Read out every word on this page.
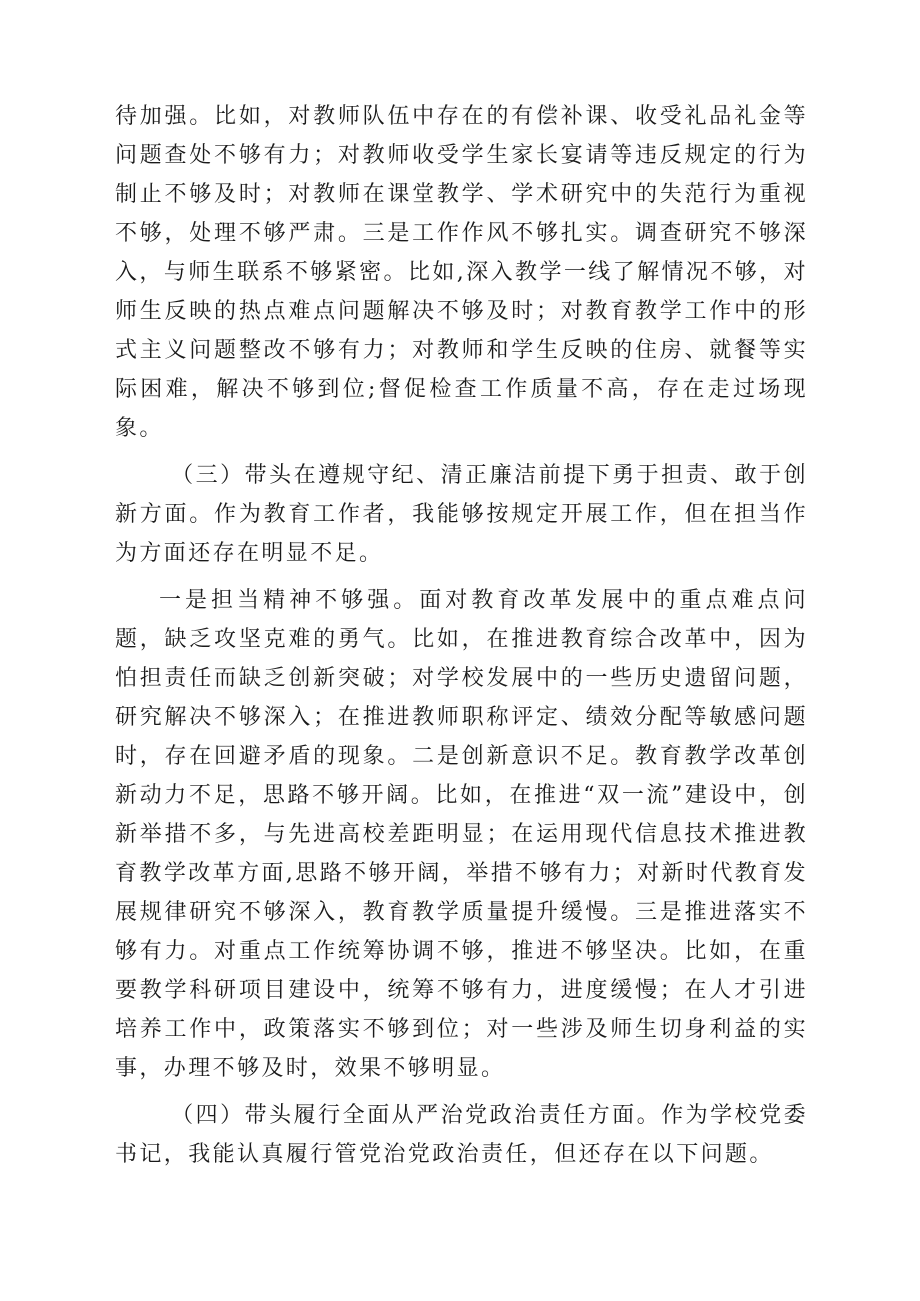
待加强。比如，对教师队伍中存在的有偿补课、收受礼品礼金等问题查处不够有力；对教师收受学生家长宴请等违反规定的行为制止不够及时；对教师在课堂教学、学术研究中的失范行为重视不够，处理不够严肃。三是工作作风不够扎实。调查研究不够深入，与师生联系不够紧密。比如,深入教学一线了解情况不够，对师生反映的热点难点问题解决不够及时；对教育教学工作中的形式主义问题整改不够有力；对教师和学生反映的住房、就餐等实际困难，解决不够到位;督促检查工作质量不高，存在走过场现象。

（三）带头在遵规守纪、清正廉洁前提下勇于担责、敢于创新方面。作为教育工作者，我能够按规定开展工作，但在担当作为方面还存在明显不足。

一是担当精神不够强。面对教育改革发展中的重点难点问题，缺乏攻坚克难的勇气。比如，在推进教育综合改革中，因为怕担责任而缺乏创新突破；对学校发展中的一些历史遗留问题，研究解决不够深入；在推进教师职称评定、绩效分配等敏感问题时，存在回避矛盾的现象。二是创新意识不足。教育教学改革创新动力不足，思路不够开阔。比如，在推进“双一流”建设中，创新举措不多，与先进高校差距明显；在运用现代信息技术推进教育教学改革方面,思路不够开阔，举措不够有力；对新时代教育发展规律研究不够深入，教育教学质量提升缓慢。三是推进落实不够有力。对重点工作统筹协调不够，推进不够坚决。比如，在重要教学科研项目建设中，统筹不够有力，进度缓慢；在人才引进培养工作中，政策落实不够到位；对一些涉及师生切身利益的实事，办理不够及时，效果不够明显。

（四）带头履行全面从严治党政治责任方面。作为学校党委书记，我能认真履行管党治党政治责任，但还存在以下问题。
